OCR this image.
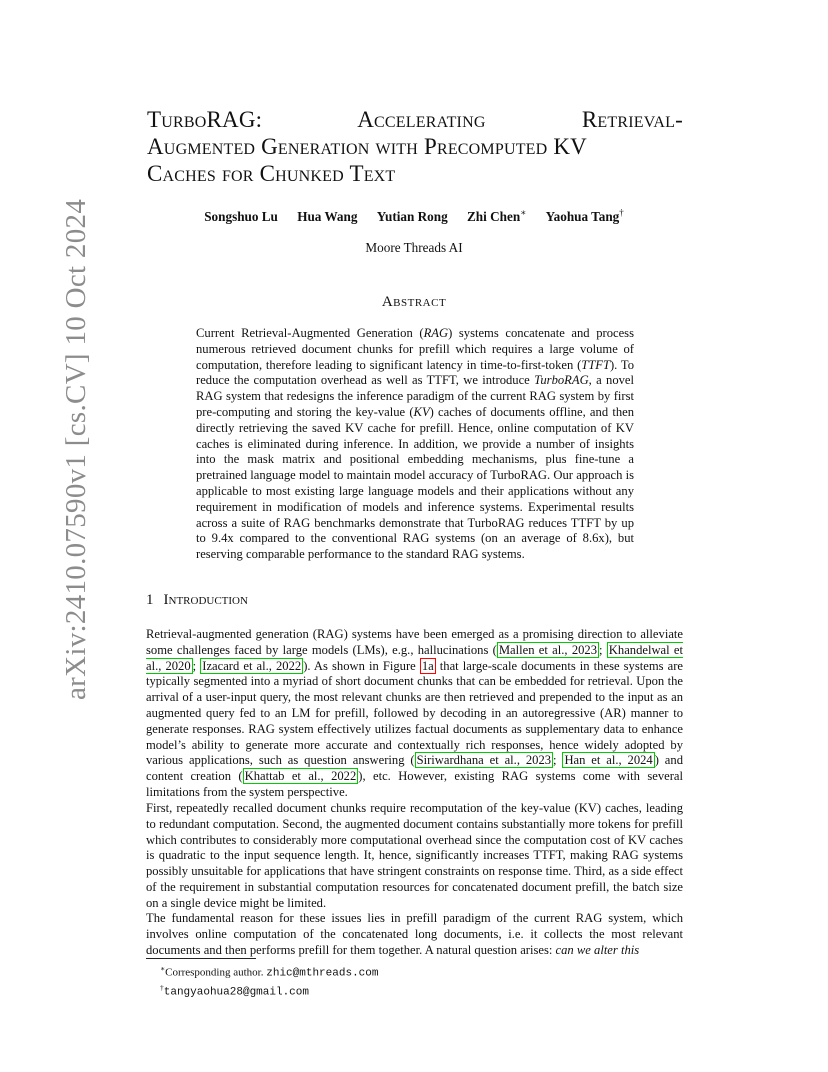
arXiv:2410.07590v1 [cs.CV] 10 Oct 2024
TurboRAG: Accelerating Retrieval-
Augmented Generation with Precomputed KV
Caches for Chunked Text
Songshuo Lu Hua Wang Yutian Rong Zhi Chen∗ Yaohua Tang†
Moore Threads AI
Abstract
Current Retrieval-Augmented Generation (RAG) systems concatenate and process numerous retrieved document chunks for prefill which requires a large volume of computation, therefore leading to significant latency in time-to-first-token (TTFT). To reduce the computation overhead as well as TTFT, we introduce TurboRAG, a novel RAG system that redesigns the inference paradigm of the current RAG system by first pre-computing and storing the key-value (KV) caches of documents offline, and then directly retrieving the saved KV cache for prefill. Hence, online computation of KV caches is eliminated during inference. In addition, we provide a number of insights into the mask matrix and positional embedding mechanisms, plus fine-tune a pretrained language model to maintain model accuracy of TurboRAG. Our approach is applicable to most existing large language models and their applications without any requirement in modification of models and inference systems. Experimental results across a suite of RAG benchmarks demonstrate that TurboRAG reduces TTFT by up to 9.4x compared to the conventional RAG systems (on an average of 8.6x), but reserving comparable performance to the standard RAG systems.
1 Introduction

Retrieval-augmented generation (RAG) systems have been emerged as a promising direction to alleviate some challenges faced by large models (LMs), e.g., hallucinations ( Mallen et al., 2023 ; Khandelwal et al., 2020 ; Izacard et al., 2022 ). As shown in Figure 1a that large-scale documents in these systems are typically segmented into a myriad of short document chunks that can be embedded for retrieval. Upon the arrival of a user-input query, the most relevant chunks are then retrieved and prepended to the input as an augmented query fed to an LM for prefill, followed by decoding in an autoregressive (AR) manner to generate responses. RAG system effectively utilizes factual documents as supplementary data to enhance model’s ability to generate more accurate and contextually rich responses, hence widely adopted by various applications, such as question answering ( Siriwardhana et al., 2023 ; Han et al., 2024 ) and content creation ( Khattab et al., 2022 ), etc. However, existing RAG systems come with several limitations from the system perspective.

First, repeatedly recalled document chunks require recomputation of the key-value (KV) caches, leading to redundant computation. Second, the augmented document contains substantially more tokens for prefill which contributes to considerably more computational overhead since the computation cost of KV caches is quadratic to the input sequence length. It, hence, significantly increases TTFT, making RAG systems possibly unsuitable for applications that have stringent constraints on response time. Third, as a side effect of the requirement in substantial computation resources for concatenated document prefill, the batch size on a single device might be limited.

The fundamental reason for these issues lies in prefill paradigm of the current RAG system, which involves online computation of the concatenated long documents, i.e. it collects the most relevant documents and then performs prefill for them together. A natural question arises: can we alter this

∗Corresponding author. zhic@mthreads.com
†tangyaohua28@gmail.com
